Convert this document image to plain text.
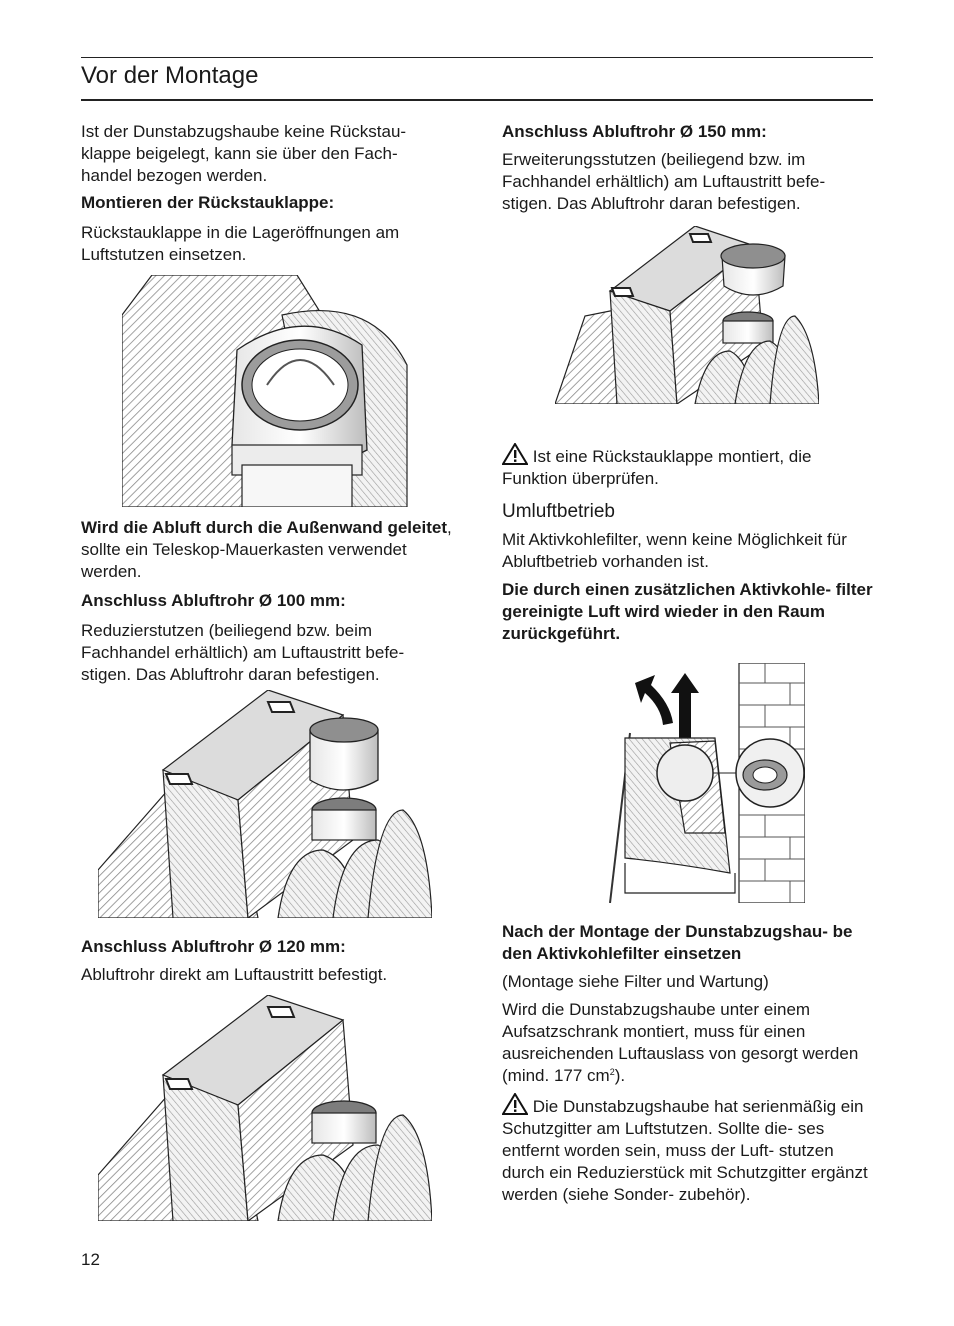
Vor der Montage

Ist der Dunstabzugshaube keine Rückstau- klappe beigelegt, kann sie über den Fach- handel bezogen werden.

Montieren der Rückstauklappe:

Rückstauklappe in die Lageröffnungen am Luftstutzen einsetzen.

Wird die Abluft durch die Außenwand geleitet, sollte ein Teleskop-Mauerkasten verwendet werden.

Anschluss Abluftrohr Ø 100 mm:

Reduzierstutzen (beiliegend bzw. beim Fachhandel erhältlich) am Luftaustritt befe- stigen. Das Abluftrohr daran befestigen.

Anschluss Abluftrohr Ø 120 mm:

Abluftrohr direkt am Luftaustritt befestigt.

Anschluss Abluftrohr Ø 150 mm:

Erweiterungsstutzen (beiliegend bzw. im Fachhandel erhältlich) am Luftaustritt befe- stigen. Das Abluftrohr daran befestigen.

Ist eine Rückstauklappe montiert, die Funktion überprüfen.

Umluftbetrieb

Mit Aktivkohlefilter, wenn keine Möglichkeit für Abluftbetrieb vorhanden ist.

Die durch einen zusätzlichen Aktivkohle- filter gereinigte Luft wird wieder in den Raum zurückgeführt.

Nach der Montage der Dunstabzugshau- be den Aktivkohlefilter einsetzen

(Montage siehe Filter und Wartung)

Wird die Dunstabzugshaube unter einem Aufsatzschrank montiert, muss für einen ausreichenden Luftauslass von gesorgt werden (mind. 177 $cm^2$).

Die Dunstabzugshaube hat serienmäßig ein Schutzgitter am Luftstutzen. Sollte die- ses entfernt worden sein, muss der Luft- stutzen durch ein Reduzierstück mit Schutzgitter ergänzt werden (siehe Sonder- zubehör).

12
